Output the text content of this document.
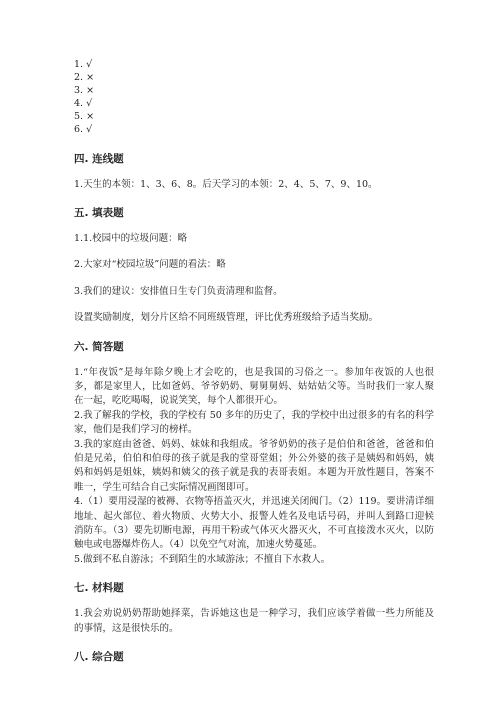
1. √
2. ×
3. ×
4. √
5. ×
6. √
四. 连线题
1.天生的本领：1、3、6、8。后天学习的本领：2、4、5、7、9、10。
五. 填表题
1.1.校园中的垃圾问题：略
2.大家对“校园垃圾”问题的看法：略
3.我们的建议：安排值日生专门负责清理和监督。
设置奖励制度，划分片区给不同班级管理，评比优秀班级给予适当奖励。
六. 简答题
1.“年夜饭”是每年除夕晚上才会吃的，也是我国的习俗之一。参加年夜饭的人也很多，都是家里人，比如爸妈、爷爷奶奶、舅舅舅妈、姑姑姑父等。当时我们一家人聚在一起，吃吃喝喝，说说笑笑，每个人都很开心。
2.我了解我的学校，我的学校有 50 多年的历史了，我的学校中出过很多的有名的科学家，他们是我们学习的榜样。
3.我的家庭由爸爸、妈妈、妹妹和我组成。爷爷奶奶的孩子是伯伯和爸爸，爸爸和伯伯是兄弟，伯伯和伯母的孩子就是我的堂哥堂姐；外公外婆的孩子是姨妈和妈妈，姨妈和妈妈是姐妹，姨妈和姨父的孩子就是我的表哥表姐。本题为开放性题目，答案不唯一，学生可结合自己实际情况画图即可。
4.（1）要用浸湿的被褥、衣物等捂盖灭火，并迅速关闭阀门。（2）119。要讲清详细地址、起火部位、着火物质、火势大小、报警人姓名及电话号码，并叫人到路口迎候消防车。（3）要先切断电源，再用干粉或气体灭火器灭火，不可直接泼水灭火，以防触电或电器爆炸伤人。（4）以免空气对流，加速火势蔓延。
5.做到不私自游泳；不到陌生的水域游泳；不擅自下水救人。
七. 材料题
1.我会劝说奶奶帮助她择菜，告诉她这也是一种学习，我们应该学着做一些力所能及的事情，这是很快乐的。
八. 综合题
